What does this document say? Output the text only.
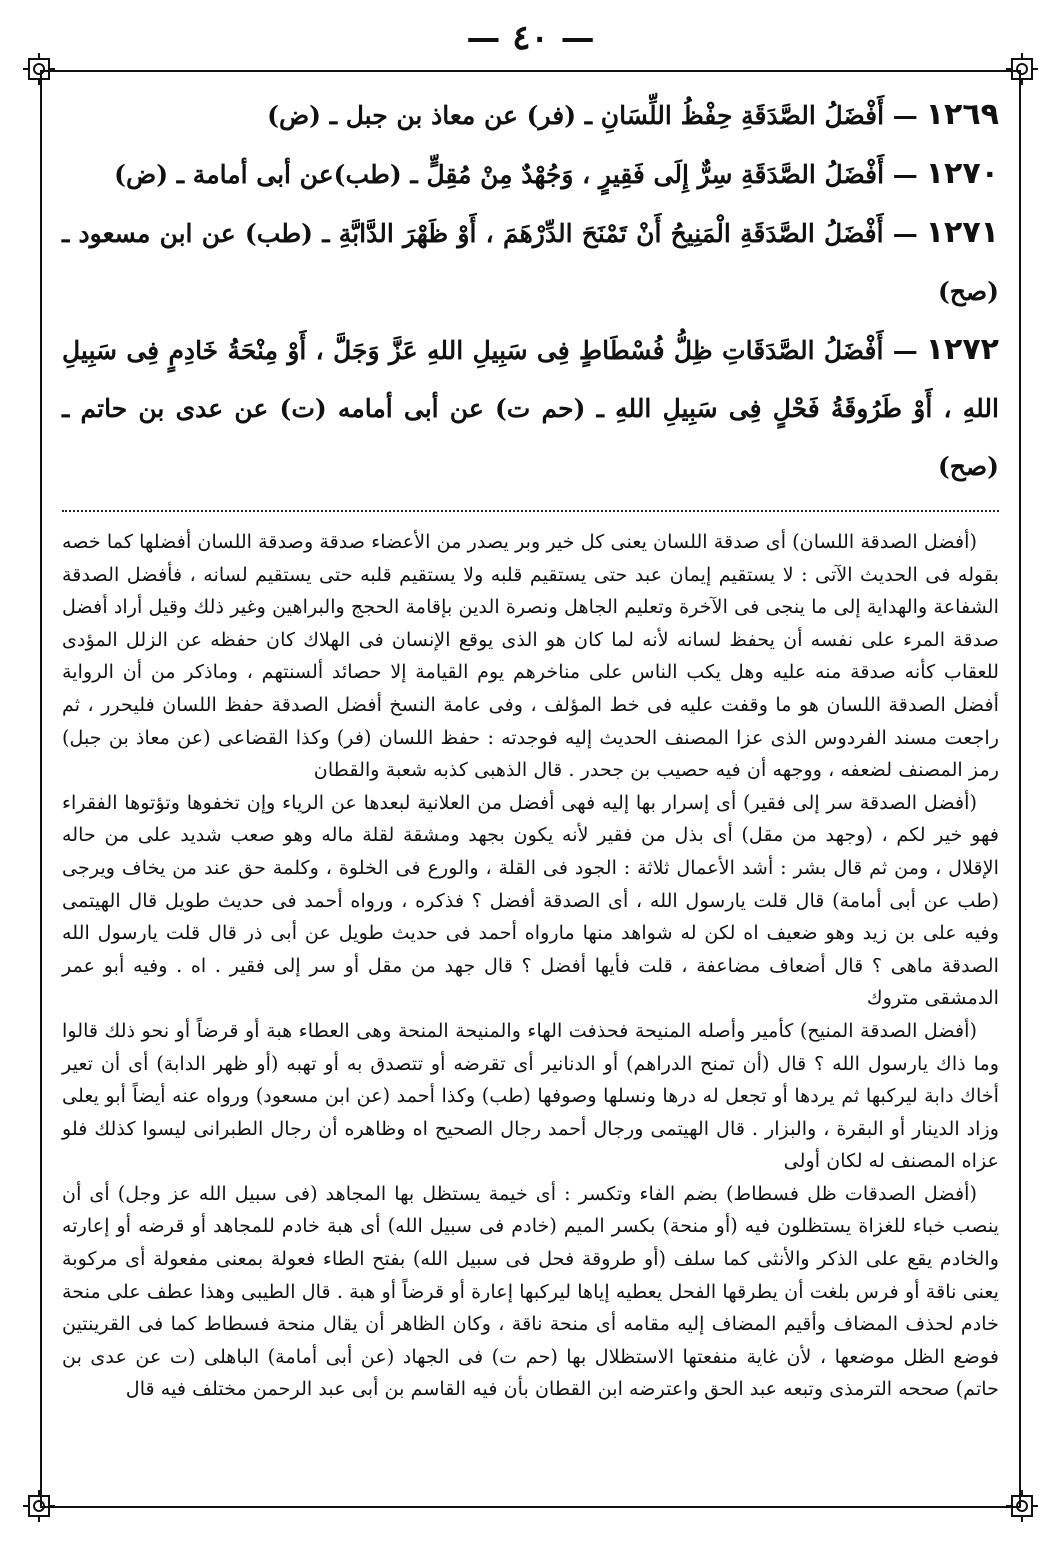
— ٤٠ —

١٢٦٩— أَفْضَلُ الصَّدَقَةِ حِفْظُ اللِّسَانِ ـ (فر) عن معاذ بن جبل ـ (ض)

١٢٧٠— أَفْضَلُ الصَّدَقَةِ سِرٌّ إِلَى فَقِيرٍ ، وَجُهْدٌ مِنْ مُقِلٍّ ـ (طب)عن أبى أمامة ـ (ض)

١٢٧١— أَفْضَلُ الصَّدَقَةِ الْمَنِيحُ أَنْ تَمْنَحَ الدِّرْهَمَ ، أَوْ ظَهْرَ الدَّابَّةِ ـ (طب) عن ابن مسعود ـ (صح)

١٢٧٢— أَفْضَلُ الصَّدَقَاتِ ظِلُّ فُسْطَاطٍ فِى سَبِيلِ اللهِ عَزَّ وَجَلَّ ، أَوْ مِنْحَةُ خَادِمٍ فِى سَبِيلِ اللهِ ، أَوْ طَرُوقَةُ فَحْلٍ فِى سَبِيلِ اللهِ ـ (حم ت) عن أبى أمامه (ت) عن عدى بن حاتم ـ (صح)

(أفضل الصدقة اللسان) أى صدقة اللسان يعنى كل خير وبر يصدر من الأعضاء صدقة وصدقة اللسان أفضلها كما خصه بقوله فى الحديث الآتى : لا يستقيم إيمان عبد حتى يستقيم قلبه ولا يستقيم قلبه حتى يستقيم لسانه ، فأفضل الصدقة الشفاعة والهداية إلى ما ينجى فى الآخرة وتعليم الجاهل ونصرة الدين بإقامة الحجج والبراهين وغير ذلك وقيل أراد أفضل صدقة المرء على نفسه أن يحفظ لسانه لأنه لما كان هو الذى يوقع الإنسان فى الهلاك كان حفظه عن الزلل المؤدى للعقاب كأنه صدقة منه عليه وهل يكب الناس على مناخرهم يوم القيامة إلا حصائد ألسنتهم ، وماذكر من أن الرواية أفضل الصدقة اللسان هو ما وقفت عليه فى خط المؤلف ، وفى عامة النسخ أفضل الصدقة حفظ اللسان فليحرر ، ثم راجعت مسند الفردوس الذى عزا المصنف الحديث إليه فوجدته : حفظ اللسان (فر) وكذا القضاعى (عن معاذ بن جبل) رمز المصنف لضعفه ، ووجهه أن فيه حصيب بن جحدر . قال الذهبى كذبه شعبة والقطان

(أفضل الصدقة سر إلى فقير) أى إسرار بها إليه فهى أفضل من العلانية لبعدها عن الرياء وإن تخفوها وتؤتوها الفقراء فهو خير لكم ، (وجهد من مقل) أى بذل من فقير لأنه يكون بجهد ومشقة لقلة ماله وهو صعب شديد على من حاله الإقلال ، ومن ثم قال بشر : أشد الأعمال ثلاثة : الجود فى القلة ، والورع فى الخلوة ، وكلمة حق عند من يخاف ويرجى (طب عن أبى أمامة) قال قلت يارسول الله ، أى الصدقة أفضل ؟ فذكره ، ورواه أحمد فى حديث طويل قال الهيتمى وفيه على بن زيد وهو ضعيف اه لكن له شواهد منها مارواه أحمد فى حديث طويل عن أبى ذر قال قلت يارسول الله الصدقة ماهى ؟ قال أضعاف مضاعفة ، قلت فأيها أفضل ؟ قال جهد من مقل أو سر إلى فقير . اه . وفيه أبو عمر الدمشقى متروك

(أفضل الصدقة المنيح) كأمير وأصله المنيحة فحذفت الهاء والمنيحة المنحة وهى العطاء هبة أو قرضاً أو نحو ذلك قالوا وما ذاك يارسول الله ؟ قال (أن تمنح الدراهم) أو الدنانير أى تقرضه أو تتصدق به أو تهبه (أو ظهر الدابة) أى أن تعير أخاك دابة ليركبها ثم يردها أو تجعل له درها ونسلها وصوفها (طب) وكذا أحمد (عن ابن مسعود) ورواه عنه أيضاً أبو يعلى وزاد الدينار أو البقرة ، والبزار . قال الهيتمى ورجال أحمد رجال الصحيح اه وظاهره أن رجال الطبرانى ليسوا كذلك فلو عزاه المصنف له لكان أولى

(أفضل الصدقات ظل فسطاط) بضم الفاء وتكسر : أى خيمة يستظل بها المجاهد (فى سبيل الله عز وجل) أى أن ينصب خباء للغزاة يستظلون فيه (أو منحة) بكسر الميم (خادم فى سبيل الله) أى هبة خادم للمجاهد أو قرضه أو إعارته والخادم يقع على الذكر والأنثى كما سلف (أو طروقة فحل فى سبيل الله) بفتح الطاء فعولة بمعنى مفعولة أى مركوبة يعنى ناقة أو فرس بلغت أن يطرقها الفحل يعطيه إياها ليركبها إعارة أو قرضاً أو هبة . قال الطيبى وهذا عطف على منحة خادم لحذف المضاف وأقيم المضاف إليه مقامه أى منحة ناقة ، وكان الظاهر أن يقال منحة فسطاط كما فى القرينتين فوضع الظل موضعها ، لأن غاية منفعتها الاستظلال بها (حم ت) فى الجهاد (عن أبى أمامة) الباهلى (ت عن عدى بن حاتم) صححه الترمذى وتبعه عبد الحق واعترضه ابن القطان بأن فيه القاسم بن أبى عبد الرحمن مختلف فيه قال
